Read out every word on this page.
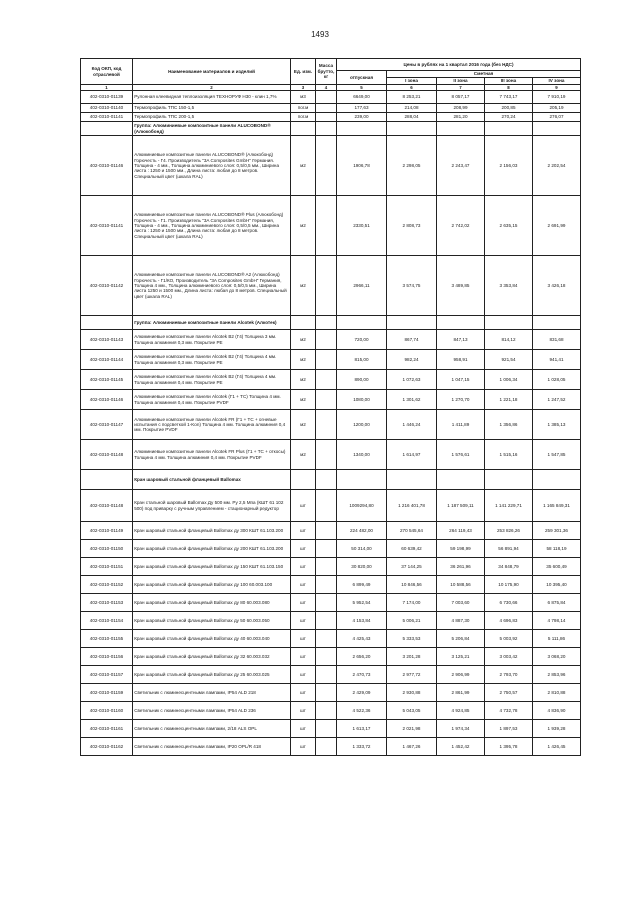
1493
Код ОКП, код отраслевой	Наименование материалов и изделий	Ед. изм.	Масса брутто, кг	Цены в рублях на 1 квартал 2016 года (без НДС)				
				отпускная	Сметная			
					I зона	II зона	III зона	IV зона
1	2	3	4	5	6	7	8	9
402-0310-01139	Рулонная клеевидная теплоизоляция ТЕХНОРУФ Н30 - клин 1,7%	м3		6649,00	8 253,21	8 057,17	7 743,17	7 910,19
402-0310-01140	Термопрофиль ТПС 150-1,5	пог.м		177,63	214,08	208,99	200,85	205,19
402-0310-01141	Термопрофиль ТПС 200-1,5	пог.м		239,00	288,04	281,20	270,24	276,07
	Группа: Алюминиевые композитные панели ALUCOBOND® (Алюкобонд)							
402-0310-01146	Алюминиевые композитные панели ALUCOBOND® (Алюкобонд) Горючесть - Г4. Производитель "3A Composites GmbH" Германия. Толщина - 4 мм., Толщина алюминиевого слоя: 0,5/0,5 мм., Ширина листа : 1250 и 1500 мм., Длина листа: любая до 8 метров. Специальный цвет (шкала RAL)	м2		1906,78	2 298,05	2 243,47	2 156,03	2 202,54
402-0310-01141	Алюминиевые композитные панели ALUCOBOND® Plus (Алюкобонд) Горючесть - Г1. Производитель "3A Composites GmbH" Германия, Толщина - 4 мм., Толщина алюминиевого слоя: 0,5/0,5 мм., Ширина листа : 1250 и 1500 мм., Длина листа: любая до 8 метров. Специальный цвет (шкала RAL)	м2		2330,51	2 808,73	2 742,02	2 635,15	2 691,99
402-0310-01142	Алюминиевые композитные панели ALUCOBOND® A2 (Алюкобонд) Горючесть - Г1/КО, Производитель "3A Composites GmbH" Германия, Толщина 4 мм., Толщина алюминиевого слоя: 0,5/0,5 мм., Ширина листа 1250 и 1500 мм., Длина листа: любая до 8 метров. Специальный цвет (шкала RAL)	м2		2966,11	3 574,75	3 489,85	3 353,84	3 426,18
	Группа: Алюминиевые композитные панели Alcotek (Алкотек)							
402-0310-01143	Алюминиевые композитные панели Alcotek B2 (Г4) Толщина 3 мм. Толщина алюминия 0,3 мм. Покрытие PE	м2		720,00	867,74	847,13	814,12	831,68
402-0310-01144	Алюминиевые композитные панели Alcotek B2 (Г4) Толщина 4 мм. Толщина алюминия 0,3 мм. Покрытие PE	м2		815,00	982,24	958,91	921,54	941,41
402-0310-01145	Алюминиевые композитные панели Alcotek B2 (Г4) Толщина 4 мм. Толщина алюминия 0,4 мм. Покрытие PE	м2		890,00	1 072,63	1 047,15	1 006,34	1 028,05
402-0310-01146	Алюминиевые композитные панели Alcotek (Г1 + ТС) Толщина 4 мм. Толщина алюминия 0,4 мм. Покрытие PVDF	м2		1080,00	1 301,62	1 270,70	1 221,18	1 247,52
402-0310-01147	Алюминиевые композитные панели Alcotek FR (Г1 + ТС + огневые испытания с подсветкой 1-Kon) Толщина 4 мм. Толщина алюминия 0,4 мм. Покрытие PVDF	м2		1200,00	1 446,24	1 411,89	1 356,86	1 385,13
402-0310-01148	Алюминиевые композитные панели Alcotek FR Plus (Г1 + ТС + откосы) Толщина 4 мм. Толщина алюминия 0,4 мм. Покрытие PVDF	м2		1340,00	1 614,97	1 576,61	1 515,16	1 547,85
	Кран шаровый стальной фланцевый Ballomax							
402-0310-01148	Кран стальной шаровый Ballomax Ду 500 мм. Ру 2,5 Мпа (КШТ 61 102 500) под приварку с ручным управлением - стационарный редуктор	шт		1009294,80	1 216 401,78	1 187 509,11	1 141 229,71	1 165 849,31
402-0310-01149	Кран шаровый стальной фланцевый Ballomax ду 300 КШТ 61.103.200	шт		224 482,00	270 545,64	264 119,43	253 826,26	259 301,36
402-0310-01150	Кран шаровый стальной фланцевый Ballomax ду 200 КШТ 61.103.200	шт		50 314,00	60 639,42	59 198,99	56 891,94	58 118,19
402-0310-01151	Кран шаровый стальной фланцевый Ballomax ду 150 КШТ 61.103.150	шт		30 820,00	37 144,25	36 261,96	34 848,79	35 600,49
402-0310-01152	Кран шаровый стальной фланцевый Ballomax ду 100 60.003.100	шт		6 899,49	10 846,56	10 588,56	10 175,90	10 395,40
402-0310-01153	Кран шаровый стальной фланцевый Ballomax ду 80 60.003.080	шт		5 952,54	7 174,00	7 003,60	6 730,66	6 875,84
402-0310-01154	Кран шаровый стальной фланцевый Ballomax ду 50 60.003.050	шт		4 153,84	5 006,21	4 887,30	4 696,83	4 798,14
402-0310-01155	Кран шаровый стальной фланцевый Ballomax ду 40 60.003.040	шт		4 425,43	5 333,53	5 206,84	5 003,92	5 111,86
402-0310-01156	Кран шаровый стальной фланцевый Ballomax ду 32 60.003.032	шт		2 656,20	3 201,28	3 125,21	3 003,42	3 068,20
402-0310-01157	Кран шаровый стальной фланцевый Ballomax ду 25 60.003.025	шт		2 470,73	2 977,72	2 906,99	2 793,70	2 853,96
402-0310-01159	Светильник с люминесцентными лампами, IP54 ALD 218	шт		2 429,09	2 930,88	2 861,99	2 750,57	2 810,88
402-0310-01160	Светильник с люминесцентными лампами, IP54 ALD 236	шт		4 522,36	5 043,05	4 924,85	4 732,78	4 836,90
402-0310-01161	Светильник с люминесцентными лампами, 2/18 ALS OPL	шт		1 613,17	2 021,98	1 974,34	1 897,53	1 939,28
402-0310-01162	Светильник с люминесцентными лампами, IP20 OPL/R 418	шт		1 333,72	1 467,26	1 452,42	1 395,78	1 426,45
